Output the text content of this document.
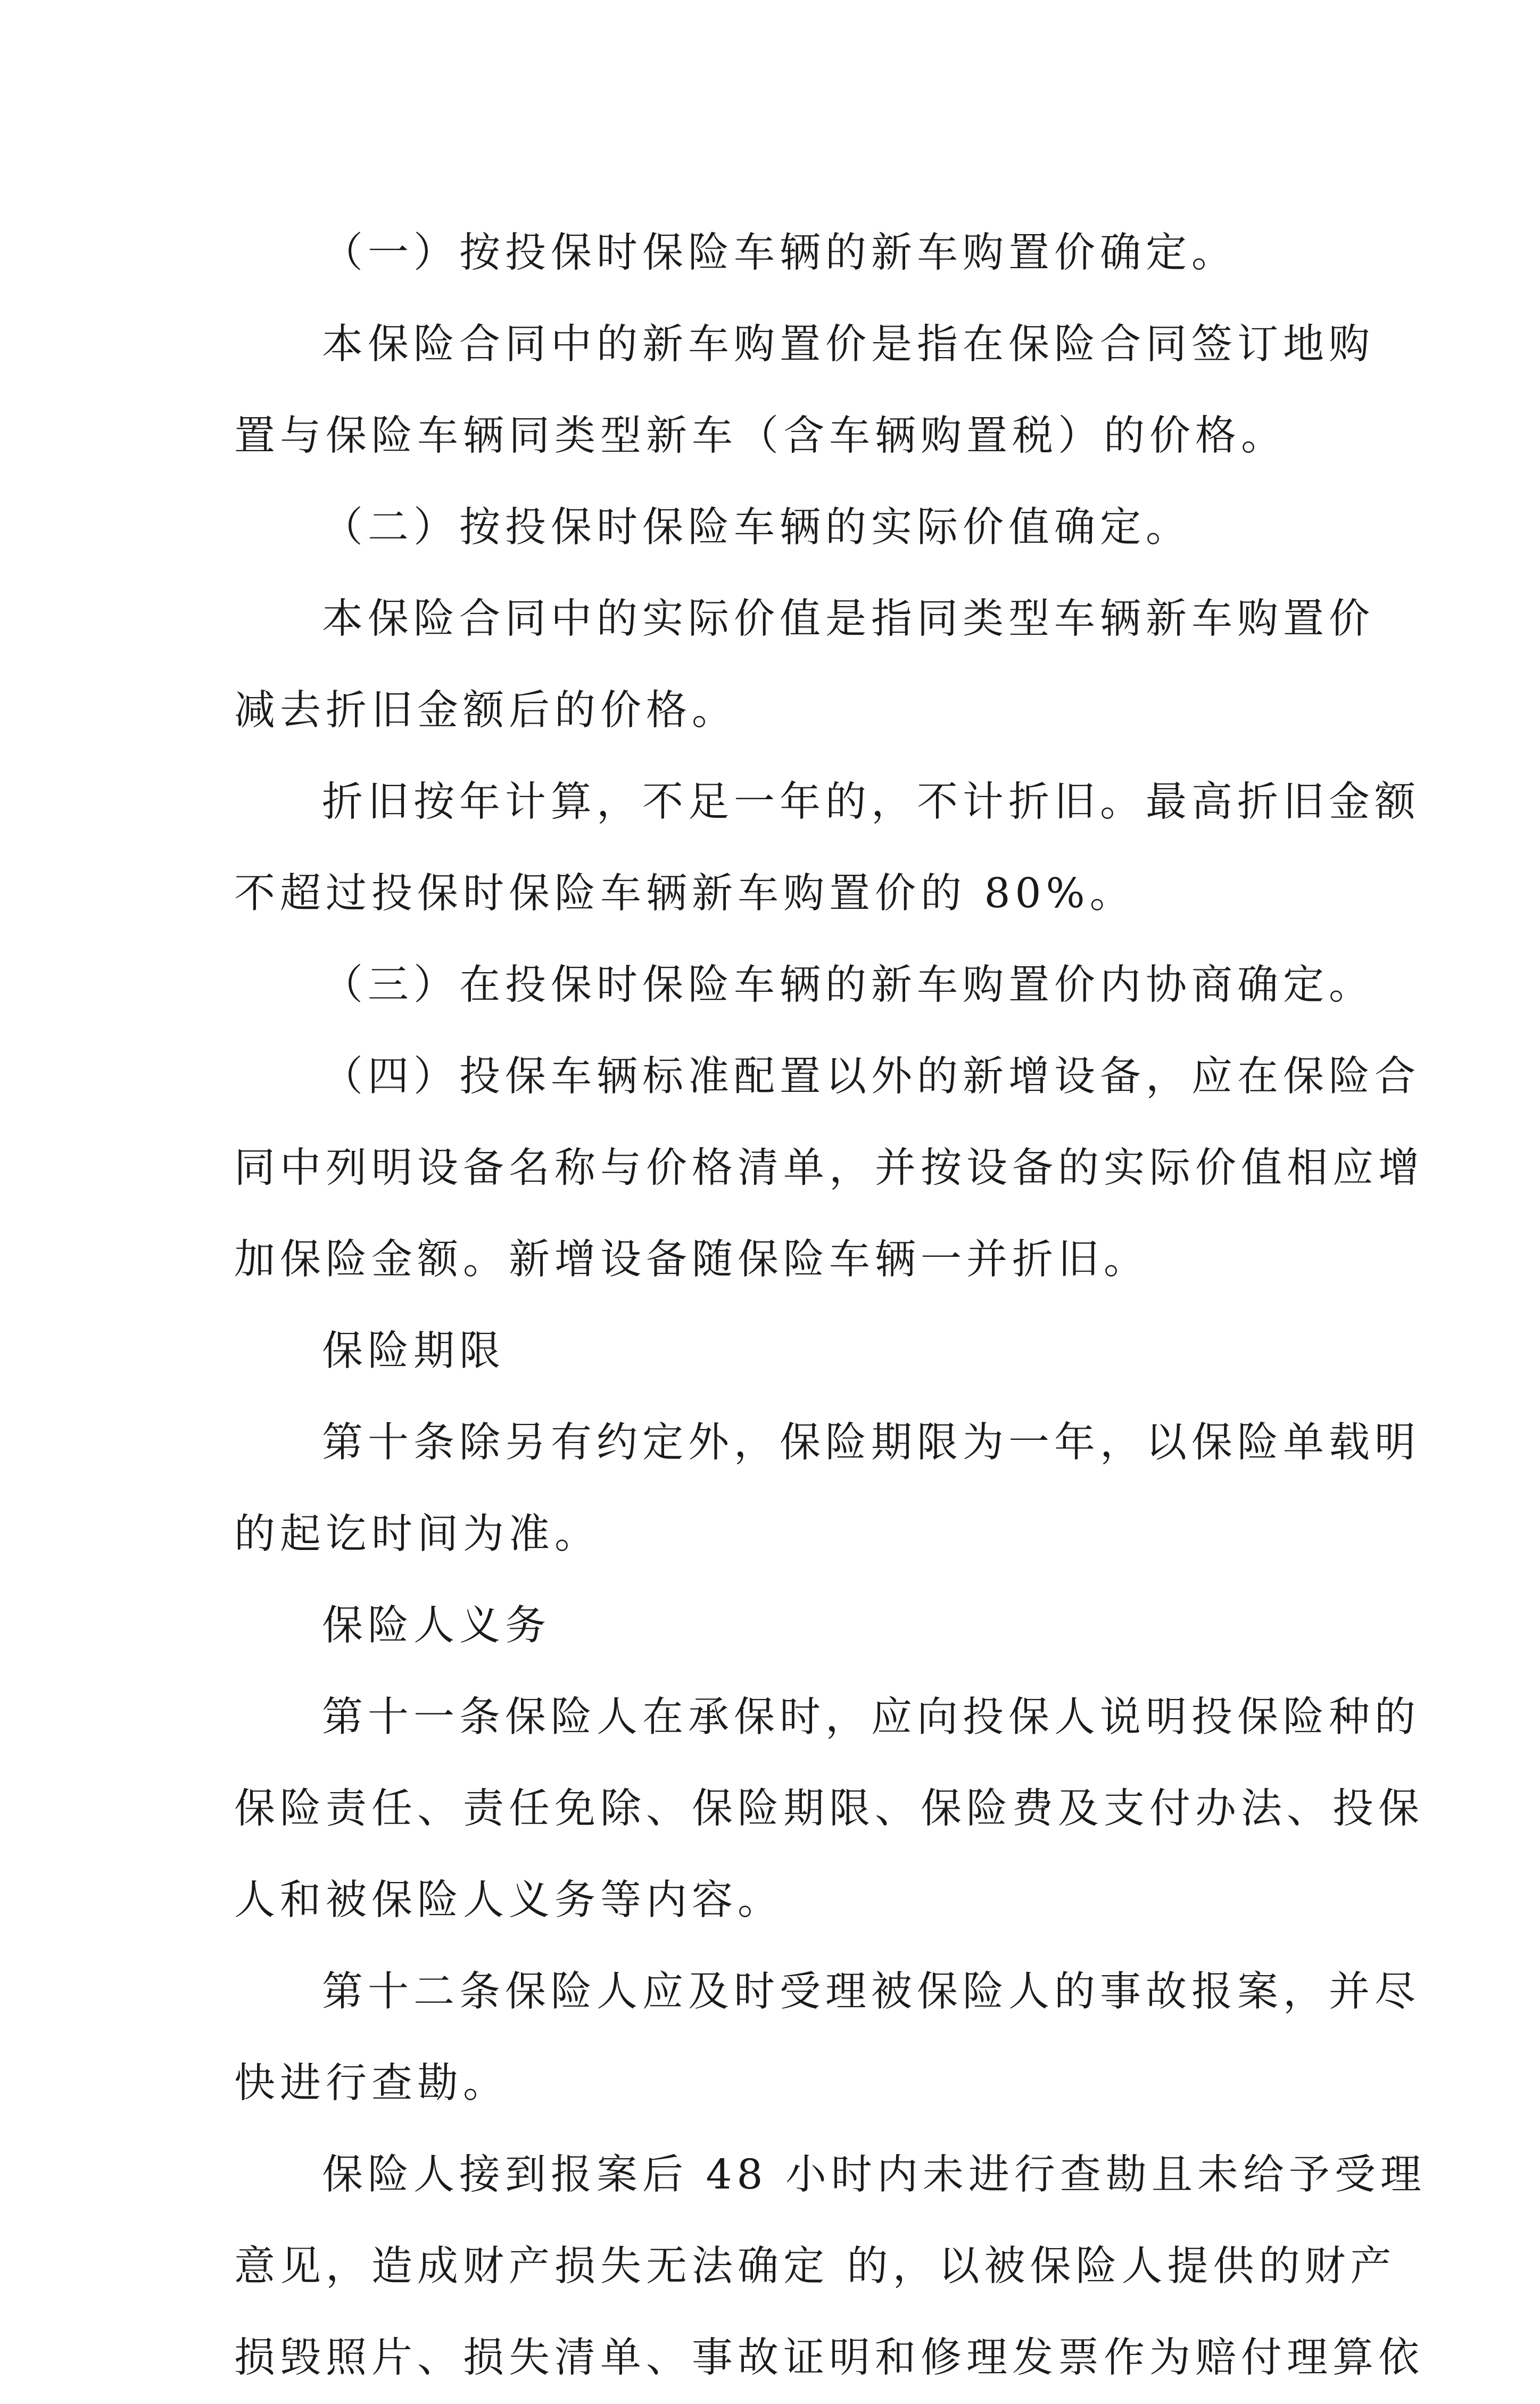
（一）按投保时保险车辆的新车购置价确定。
本保险合同中的新车购置价是指在保险合同签订地购
置与保险车辆同类型新车（含车辆购置税）的价格。
（二）按投保时保险车辆的实际价值确定。
本保险合同中的实际价值是指同类型车辆新车购置价
减去折旧金额后的价格。
折旧按年计算，不足一年的，不计折旧。最高折旧金额
不超过投保时保险车辆新车购置价的 80%。
（三）在投保时保险车辆的新车购置价内协商确定。
（四）投保车辆标准配置以外的新增设备，应在保险合
同中列明设备名称与价格清单，并按设备的实际价值相应增
加保险金额。新增设备随保险车辆一并折旧。
保险期限
第十条除另有约定外，保险期限为一年，以保险单载明
的起讫时间为准。
保险人义务
第十一条保险人在承保时，应向投保人说明投保险种的
保险责任、责任免除、保险期限、保险费及支付办法、投保
人和被保险人义务等内容。
第十二条保险人应及时受理被保险人的事故报案，并尽
快进行查勘。
保险人接到报案后 48 小时内未进行查勘且未给予受理
意见，造成财产损失无法确定 的，以被保险人提供的财产
损毁照片、损失清单、事故证明和修理发票作为赔付理算依
